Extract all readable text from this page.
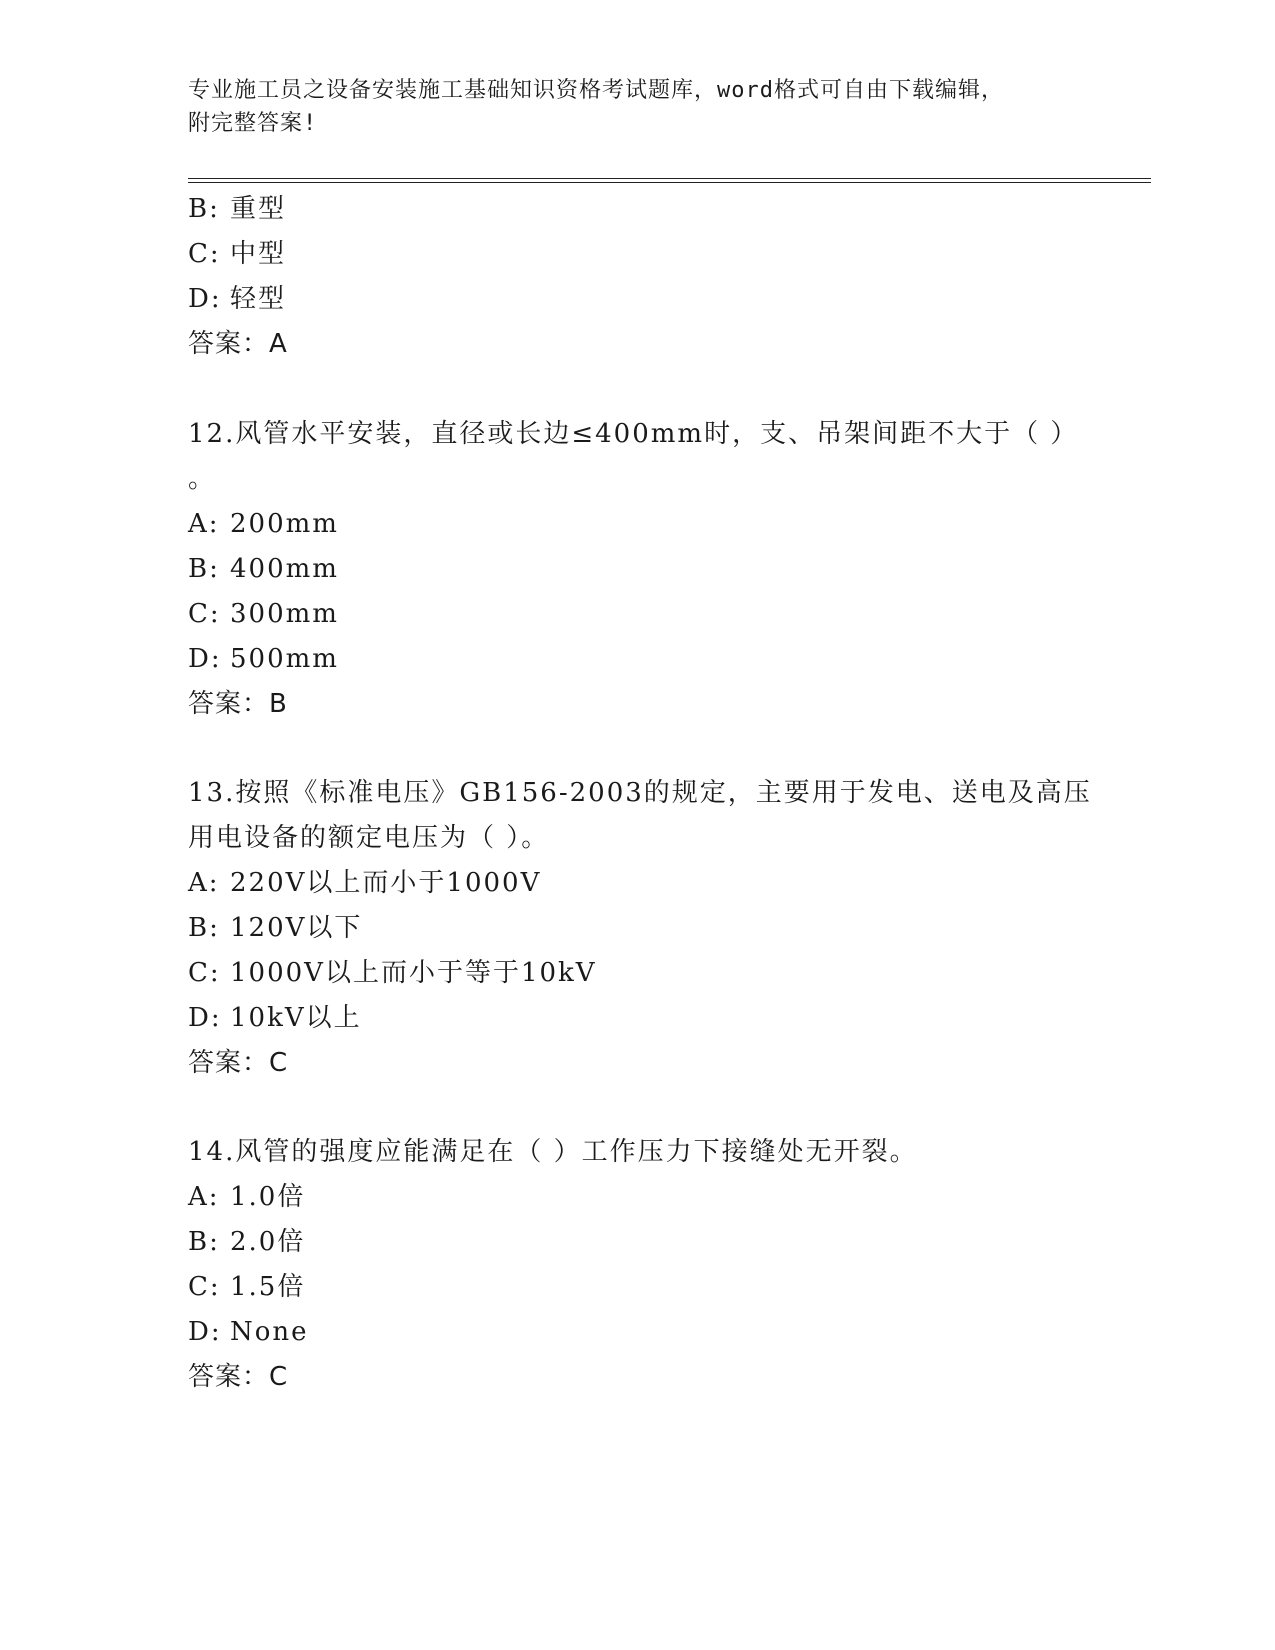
专业施工员之设备安装施工基础知识资格考试题库，word格式可自由下载编辑，
附完整答案!
B: 重型
C: 中型
D: 轻型
答案：A
12.风管水平安装，直径或长边≤400mm时，支、吊架间距不大于（ ）
。
A: 200mm
B: 400mm
C: 300mm
D: 500mm
答案：B
13.按照《标准电压》GB156-2003的规定，主要用于发电、送电及高压
用电设备的额定电压为（ ）。
A: 220V以上而小于1000V
B: 120V以下
C: 1000V以上而小于等于10kV
D: 10kV以上
答案：C
14.风管的强度应能满足在（ ）工作压力下接缝处无开裂。
A: 1.0倍
B: 2.0倍
C: 1.5倍
D: None
答案：C
